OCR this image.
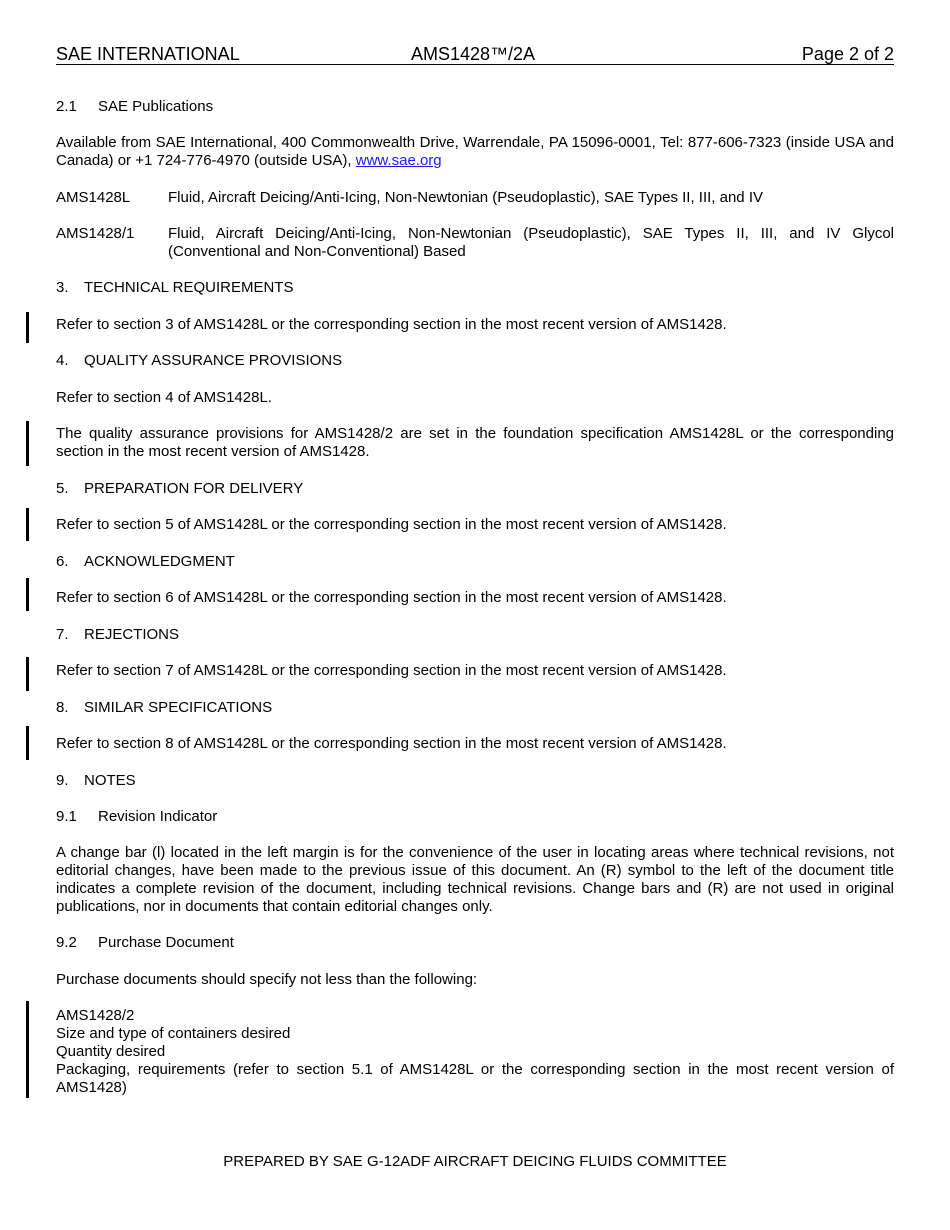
SAE INTERNATIONAL	AMS1428™/2A	Page 2 of 2
2.1 SAE Publications
Available from SAE International, 400 Commonwealth Drive, Warrendale, PA 15096-0001, Tel: 877-606-7323 (inside USA and Canada) or +1 724-776-4970 (outside USA), www.sae.org
AMS1428L	Fluid, Aircraft Deicing/Anti-Icing, Non-Newtonian (Pseudoplastic), SAE Types II, III, and IV
AMS1428/1	Fluid, Aircraft Deicing/Anti-Icing, Non-Newtonian (Pseudoplastic), SAE Types II, III, and IV Glycol (Conventional and Non-Conventional) Based
3. TECHNICAL REQUIREMENTS
Refer to section 3 of AMS1428L or the corresponding section in the most recent version of AMS1428.
4. QUALITY ASSURANCE PROVISIONS
Refer to section 4 of AMS1428L.
The quality assurance provisions for AMS1428/2 are set in the foundation specification AMS1428L or the corresponding section in the most recent version of AMS1428.
5. PREPARATION FOR DELIVERY
Refer to section 5 of AMS1428L or the corresponding section in the most recent version of AMS1428.
6. ACKNOWLEDGMENT
Refer to section 6 of AMS1428L or the corresponding section in the most recent version of AMS1428.
7. REJECTIONS
Refer to section 7 of AMS1428L or the corresponding section in the most recent version of AMS1428.
8. SIMILAR SPECIFICATIONS
Refer to section 8 of AMS1428L or the corresponding section in the most recent version of AMS1428.
9. NOTES
9.1 Revision Indicator
A change bar (l) located in the left margin is for the convenience of the user in locating areas where technical revisions, not editorial changes, have been made to the previous issue of this document. An (R) symbol to the left of the document title indicates a complete revision of the document, including technical revisions. Change bars and (R) are not used in original publications, nor in documents that contain editorial changes only.
9.2 Purchase Document
Purchase documents should specify not less than the following:
AMS1428/2
Size and type of containers desired
Quantity desired
Packaging, requirements (refer to section 5.1 of AMS1428L or the corresponding section in the most recent version of AMS1428)
PREPARED BY SAE G-12ADF AIRCRAFT DEICING FLUIDS COMMITTEE
